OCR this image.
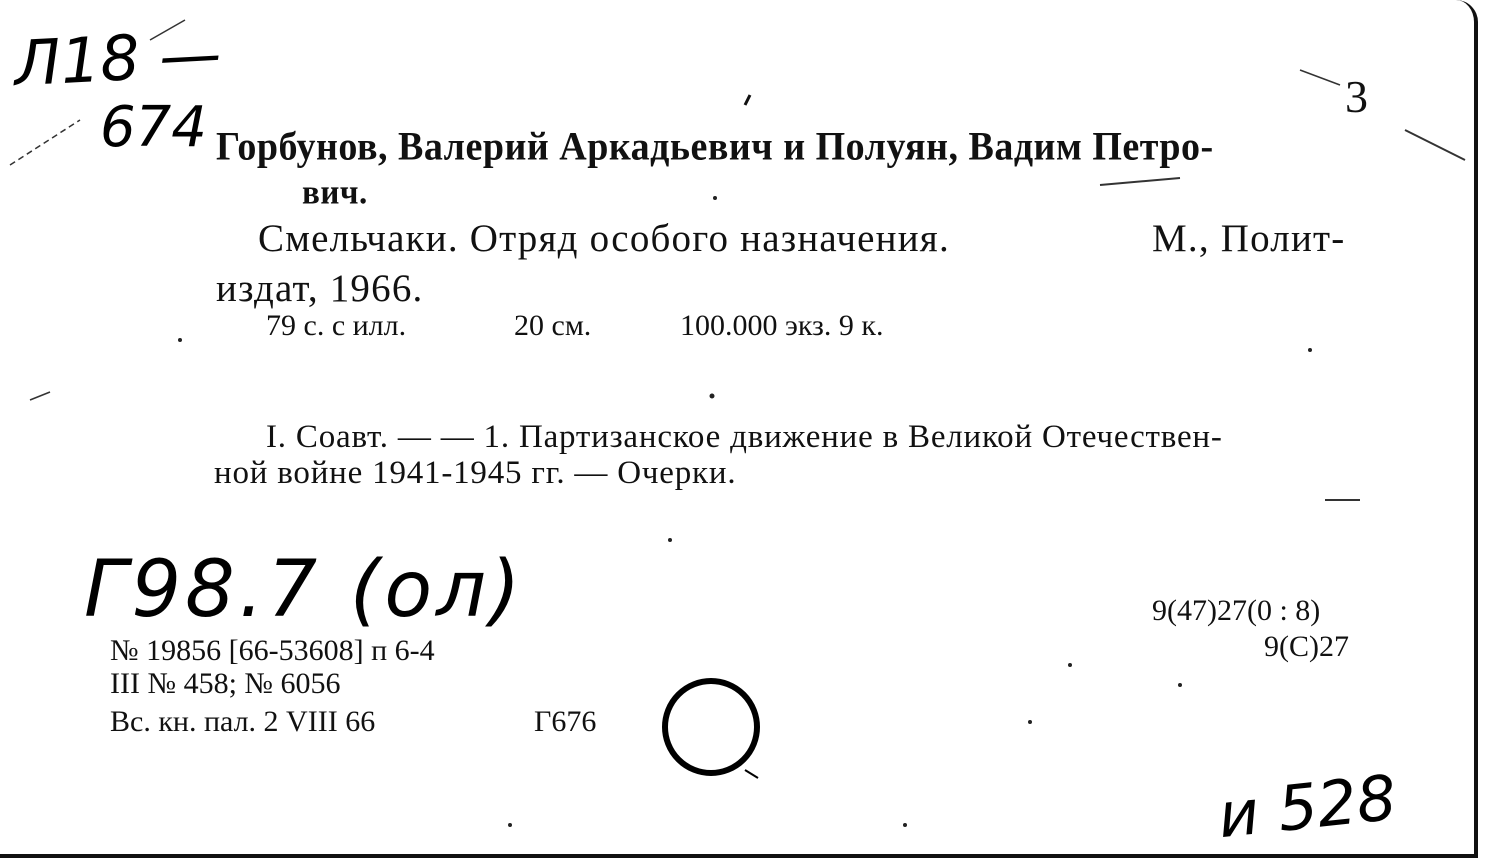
Л18 —
674	3
Горбунов, Валерий Аркадьевич и Полуян, Вадим Петро-
вич.
Смельчаки. Отряд особого назначения.	М., Полит-
издат, 1966.
79 с. с илл.	20 см.	100.000 экз. 9 к.
I. Соавт. — — 1. Партизанское движение в Великой Отечествен-
ной войне 1941-1945 гг. — Очерки.
Г98.7 (ол)	9(47)27(0 : 8)
9(С)27
№ 19856 [66-53608] п 6-4
III № 458; № 6056
Вс. кн. пал. 2 VIII 66	Г676
и 528
